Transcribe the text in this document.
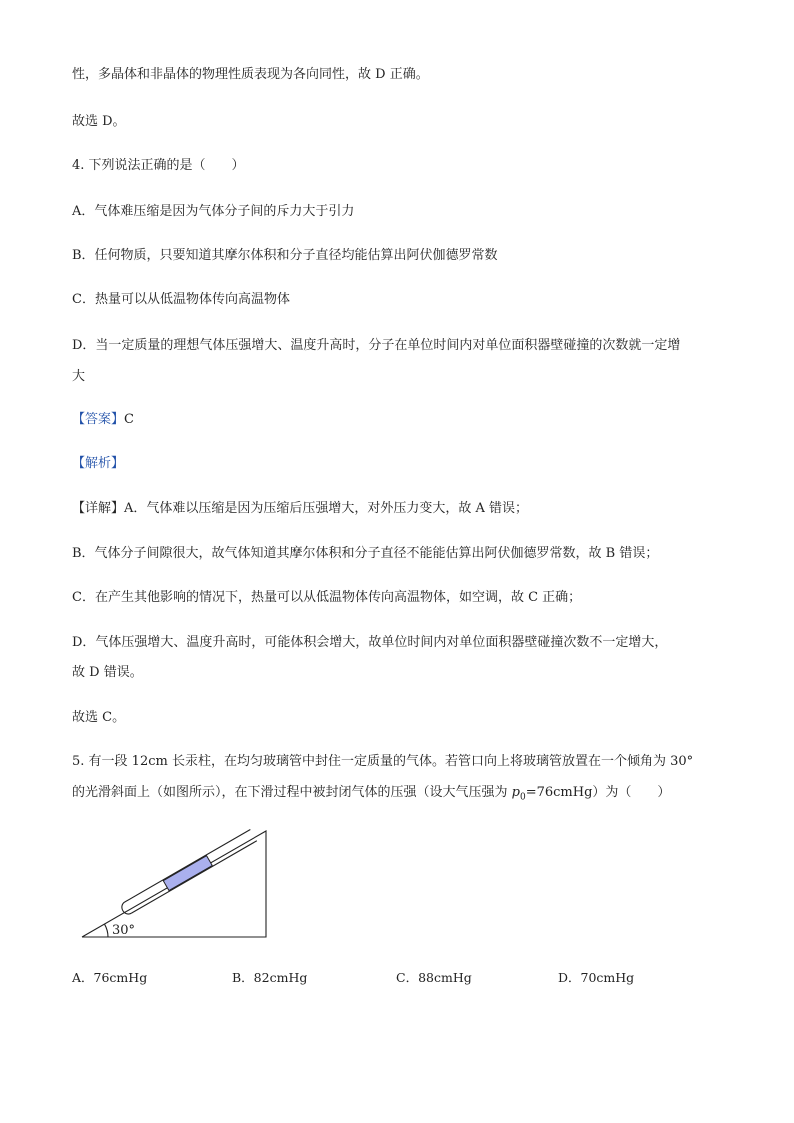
性，多晶体和非晶体的物理性质表现为各向同性，故 D 正确。
故选 D。
4. 下列说法正确的是（　　）
A．气体难压缩是因为气体分子间的斥力大于引力
B．任何物质，只要知道其摩尔体积和分子直径均能估算出阿伏伽德罗常数
C．热量可以从低温物体传向高温物体
D．当一定质量的理想气体压强增大、温度升高时，分子在单位时间内对单位面积器壁碰撞的次数就一定增
大
【答案】C
【解析】
【详解】A．气体难以压缩是因为压缩后压强增大，对外压力变大，故 A 错误；
B．气体分子间隙很大，故气体知道其摩尔体积和分子直径不能能估算出阿伏伽德罗常数，故 B 错误；
C．在产生其他影响的情况下，热量可以从低温物体传向高温物体，如空调，故 C 正确；
D．气体压强增大、温度升高时，可能体积会增大，故单位时间内对单位面积器壁碰撞次数不一定增大，
故 D 错误。
故选 C。
5. 有一段 12cm 长汞柱，在均匀玻璃管中封住一定质量的气体。若管口向上将玻璃管放置在一个倾角为 30°
的光滑斜面上（如图所示），在下滑过程中被封闭气体的压强（设大气压强为 $p_0=76cmHg$）为（　　）
30°
A．76cmHg	B．82cmHg	C．88cmHg	D．70cmHg
